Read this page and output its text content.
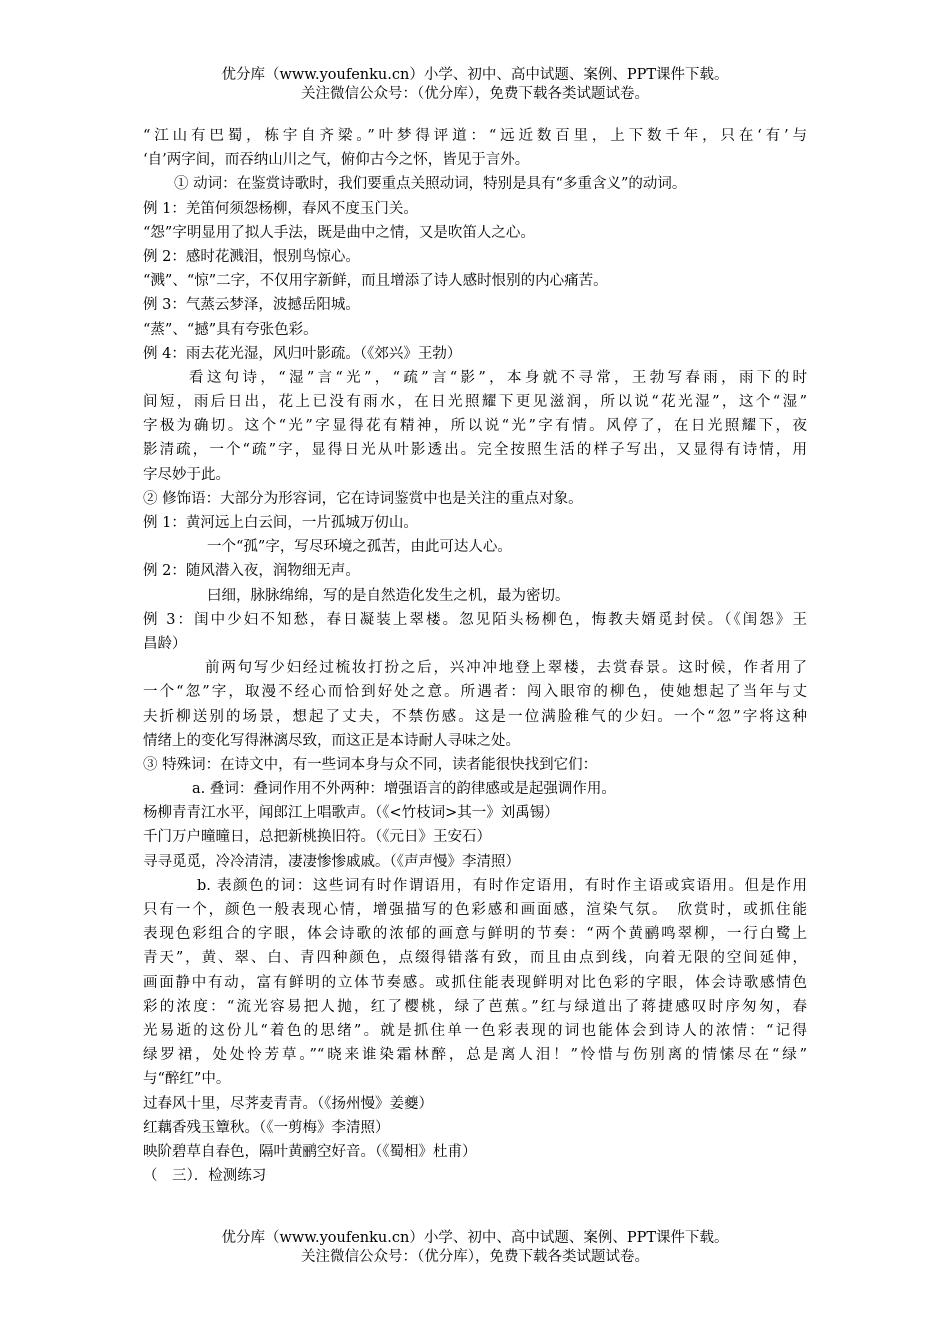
优分库（www.youfenku.cn）小学、初中、高中试题、案例、PPT课件下载。
关注微信公众号：（优分库），免费下载各类试题试卷。
“江山有巴蜀，栋宇自齐梁。”叶梦得评道：“远近数百里，上下数千年，只在‘有’与
‘自’两字间，而吞纳山川之气，俯仰古今之怀，皆见于言外。
① 动词：在鉴赏诗歌时，我们要重点关照动词，特别是具有“多重含义”的动词。
例 1：羌笛何须怨杨柳，春风不度玉门关。
“怨”字明显用了拟人手法，既是曲中之情，又是吹笛人之心。
例 2：感时花溅泪，恨别鸟惊心。
“溅”、“惊”二字，不仅用字新鲜，而且增添了诗人感时恨别的内心痛苦。
例 3：气蒸云梦泽，波撼岳阳城。
“蒸”、“撼”具有夸张色彩。
例 4：雨去花光湿，风归叶影疏。（《郊兴》王勃）
看这句诗，“湿”言“光”，“疏”言“影”，本身就不寻常，王勃写春雨，雨下的时
间短，雨后日出，花上已没有雨水，在日光照耀下更见滋润，所以说“花光湿”，这个“湿”
字极为确切。这个“光”字显得花有精神，所以说“光”字有情。风停了，在日光照耀下，夜
影清疏，一个“疏”字，显得日光从叶影透出。完全按照生活的样子写出，又显得有诗情，用
字尽妙于此。
② 修饰语：大部分为形容词，它在诗词鉴赏中也是关注的重点对象。
例 1：黄河远上白云间，一片孤城万仞山。
一个“孤”字，写尽环境之孤苦，由此可达人心。
例 2：随风潜入夜，润物细无声。
曰细，脉脉绵绵，写的是自然造化发生之机，最为密切。
例 3：闺中少妇不知愁，春日凝装上翠楼。忽见陌头杨柳色，悔教夫婿觅封侯。（《闺怨》王
昌龄）
前两句写少妇经过梳妆打扮之后，兴冲冲地登上翠楼，去赏春景。这时候，作者用了
一个“忽”字，取漫不经心而恰到好处之意。所遇者：闯入眼帘的柳色，使她想起了当年与丈
夫折柳送别的场景，想起了丈夫，不禁伤感。这是一位满脸稚气的少妇。一个“忽”字将这种
情绪上的变化写得淋漓尽致，而这正是本诗耐人寻味之处。
③ 特殊词：在诗文中，有一些词本身与众不同，读者能很快找到它们：
a. 叠词：叠词作用不外两种：增强语言的韵律感或是起强调作用。
杨柳青青江水平，闻郎江上唱歌声。（《<竹枝词>其一》刘禹锡）
千门万户曈曈日，总把新桃换旧符。（《元日》王安石）
寻寻觅觅，冷冷清清，凄凄惨惨戚戚。（《声声慢》李清照）
b. 表颜色的词：这些词有时作谓语用，有时作定语用，有时作主语或宾语用。但是作用
只有一个，颜色一般表现心情，增强描写的色彩感和画面感，渲染气氛。　欣赏时，或抓住能
表现色彩组合的字眼，体会诗歌的浓郁的画意与鲜明的节奏：“两个黄鹂鸣翠柳，一行白鹭上
青天”，黄、翠、白、青四种颜色，点缀得错落有致，而且由点到线，向着无限的空间延伸，
画面静中有动，富有鲜明的立体节奏感。或抓住能表现鲜明对比色彩的字眼，体会诗歌感情色
彩的浓度：“流光容易把人抛，红了樱桃，绿了芭蕉。”红与绿道出了蒋捷感叹时序匆匆，春
光易逝的这份儿“着色的思绪”。就是抓住单一色彩表现的词也能体会到诗人的浓情：“记得
绿罗裙，处处怜芳草。”“晓来谁染霜林醉，总是离人泪！”怜惜与伤别离的情愫尽在“绿”
与“醉红”中。
过春风十里，尽荠麦青青。（《扬州慢》姜夔）
红藕香残玉簟秋。（《一剪梅》李清照）
映阶碧草自春色，隔叶黄鹂空好音。（《蜀相》杜甫）
（　三）．检测练习
优分库（www.youfenku.cn）小学、初中、高中试题、案例、PPT课件下载。
关注微信公众号：（优分库），免费下载各类试题试卷。
